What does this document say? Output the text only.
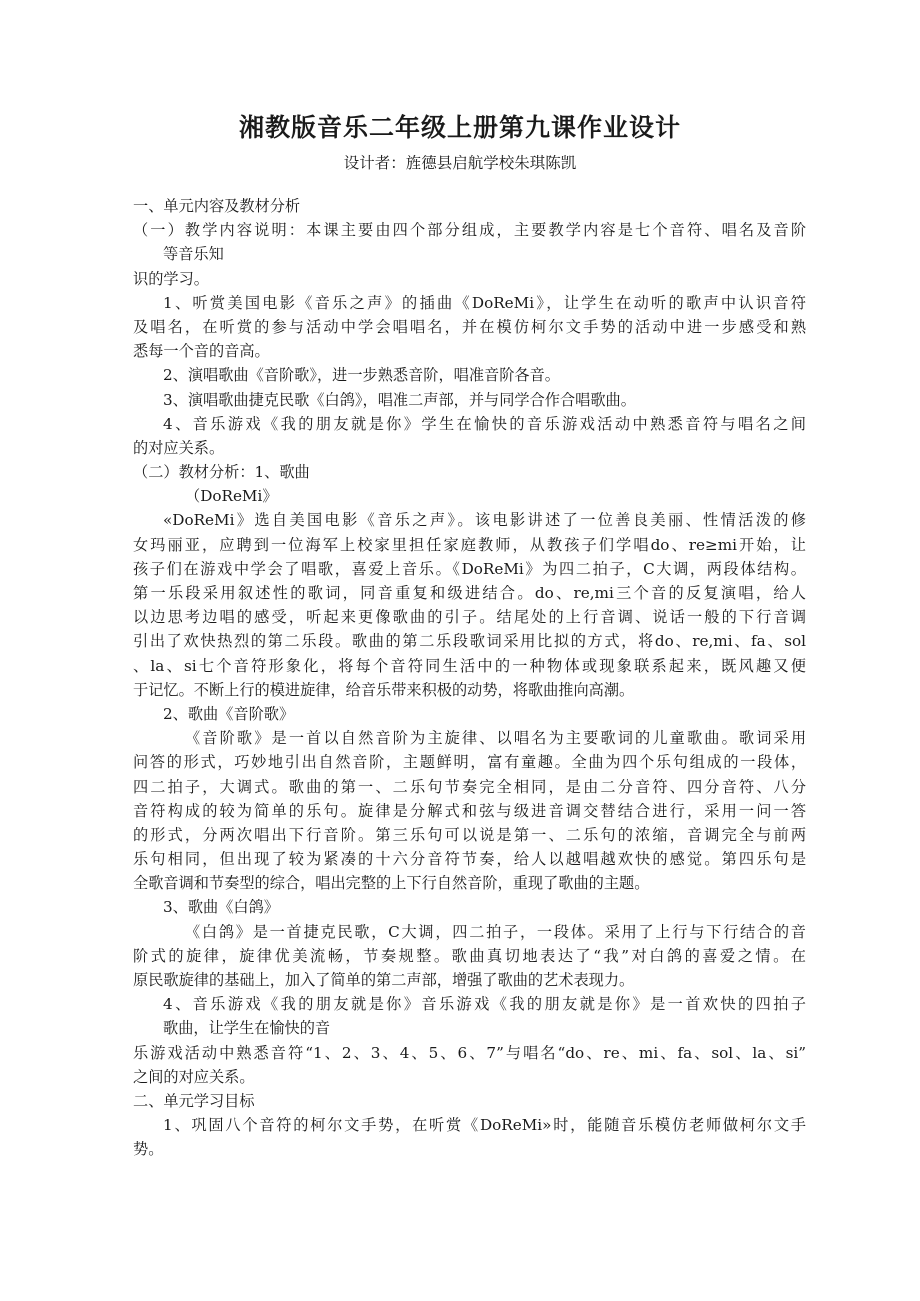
湘教版音乐二年级上册第九课作业设计
设计者：旌德县启航学校朱琪陈凯
一、单元内容及教材分析
（一）教学内容说明：本课主要由四个部分组成，主要教学内容是七个音符、唱名及音阶
等音乐知
识的学习。
1、听赏美国电影《音乐之声》的插曲《DoReMi》，让学生在动听的歌声中认识音符
及唱名，在听赏的参与活动中学会唱唱名，并在模仿柯尔文手势的活动中进一步感受和熟
悉每一个音的音高。
2、演唱歌曲《音阶歌》，进一步熟悉音阶，唱准音阶各音。
3、演唱歌曲捷克民歌《白鸽》，唱准二声部，并与同学合作合唱歌曲。
4、音乐游戏《我的朋友就是你》学生在愉快的音乐游戏活动中熟悉音符与唱名之间
的对应关系。
（二）教材分析：1、歌曲
（DoReMi》
«DoReMi》选自美国电影《音乐之声》。该电影讲述了一位善良美丽、性情活泼的修
女玛丽亚，应聘到一位海军上校家里担任家庭教师，从教孩子们学唱do、re≥mi开始，让
孩子们在游戏中学会了唱歌，喜爱上音乐。《DoReMi》为四二拍子，C大调，两段体结构。
第一乐段采用叙述性的歌词，同音重复和级进结合。do、re,mi三个音的反复演唱，给人
以边思考边唱的感受，听起来更像歌曲的引子。结尾处的上行音调、说话一般的下行音调
引出了欢快热烈的第二乐段。歌曲的第二乐段歌词采用比拟的方式，将do、re,mi、fa、sol
、la、si七个音符形象化，将每个音符同生活中的一种物体或现象联系起来，既风趣又便
于记忆。不断上行的模进旋律，给音乐带来积极的动势，将歌曲推向高潮。
2、歌曲《音阶歌》
《音阶歌》是一首以自然音阶为主旋律、以唱名为主要歌词的儿童歌曲。歌词采用
问答的形式，巧妙地引出自然音阶，主题鲜明，富有童趣。全曲为四个乐句组成的一段体，
四二拍子，大调式。歌曲的第一、二乐句节奏完全相同，是由二分音符、四分音符、八分
音符构成的较为简单的乐句。旋律是分解式和弦与级进音调交替结合进行，采用一问一答
的形式，分两次唱出下行音阶。第三乐句可以说是第一、二乐句的浓缩，音调完全与前两
乐句相同，但出现了较为紧凑的十六分音符节奏，给人以越唱越欢快的感觉。第四乐句是
全歌音调和节奏型的综合，唱出完整的上下行自然音阶，重现了歌曲的主题。
3、歌曲《白鸽》
《白鸽》是一首捷克民歌，C大调，四二拍子，一段体。采用了上行与下行结合的音
阶式的旋律，旋律优美流畅，节奏规整。歌曲真切地表达了“我”对白鸽的喜爱之情。在
原民歌旋律的基础上，加入了简单的第二声部，增强了歌曲的艺术表现力。
4、音乐游戏《我的朋友就是你》音乐游戏《我的朋友就是你》是一首欢快的四拍子
歌曲，让学生在愉快的音
乐游戏活动中熟悉音符“1、2、3、4、5、6、7”与唱名“do、re、mi、fa、sol、la、si”
之间的对应关系。
二、单元学习目标
1、巩固八个音符的柯尔文手势，在听赏《DoReMi»时，能随音乐模仿老师做柯尔文手
势。
